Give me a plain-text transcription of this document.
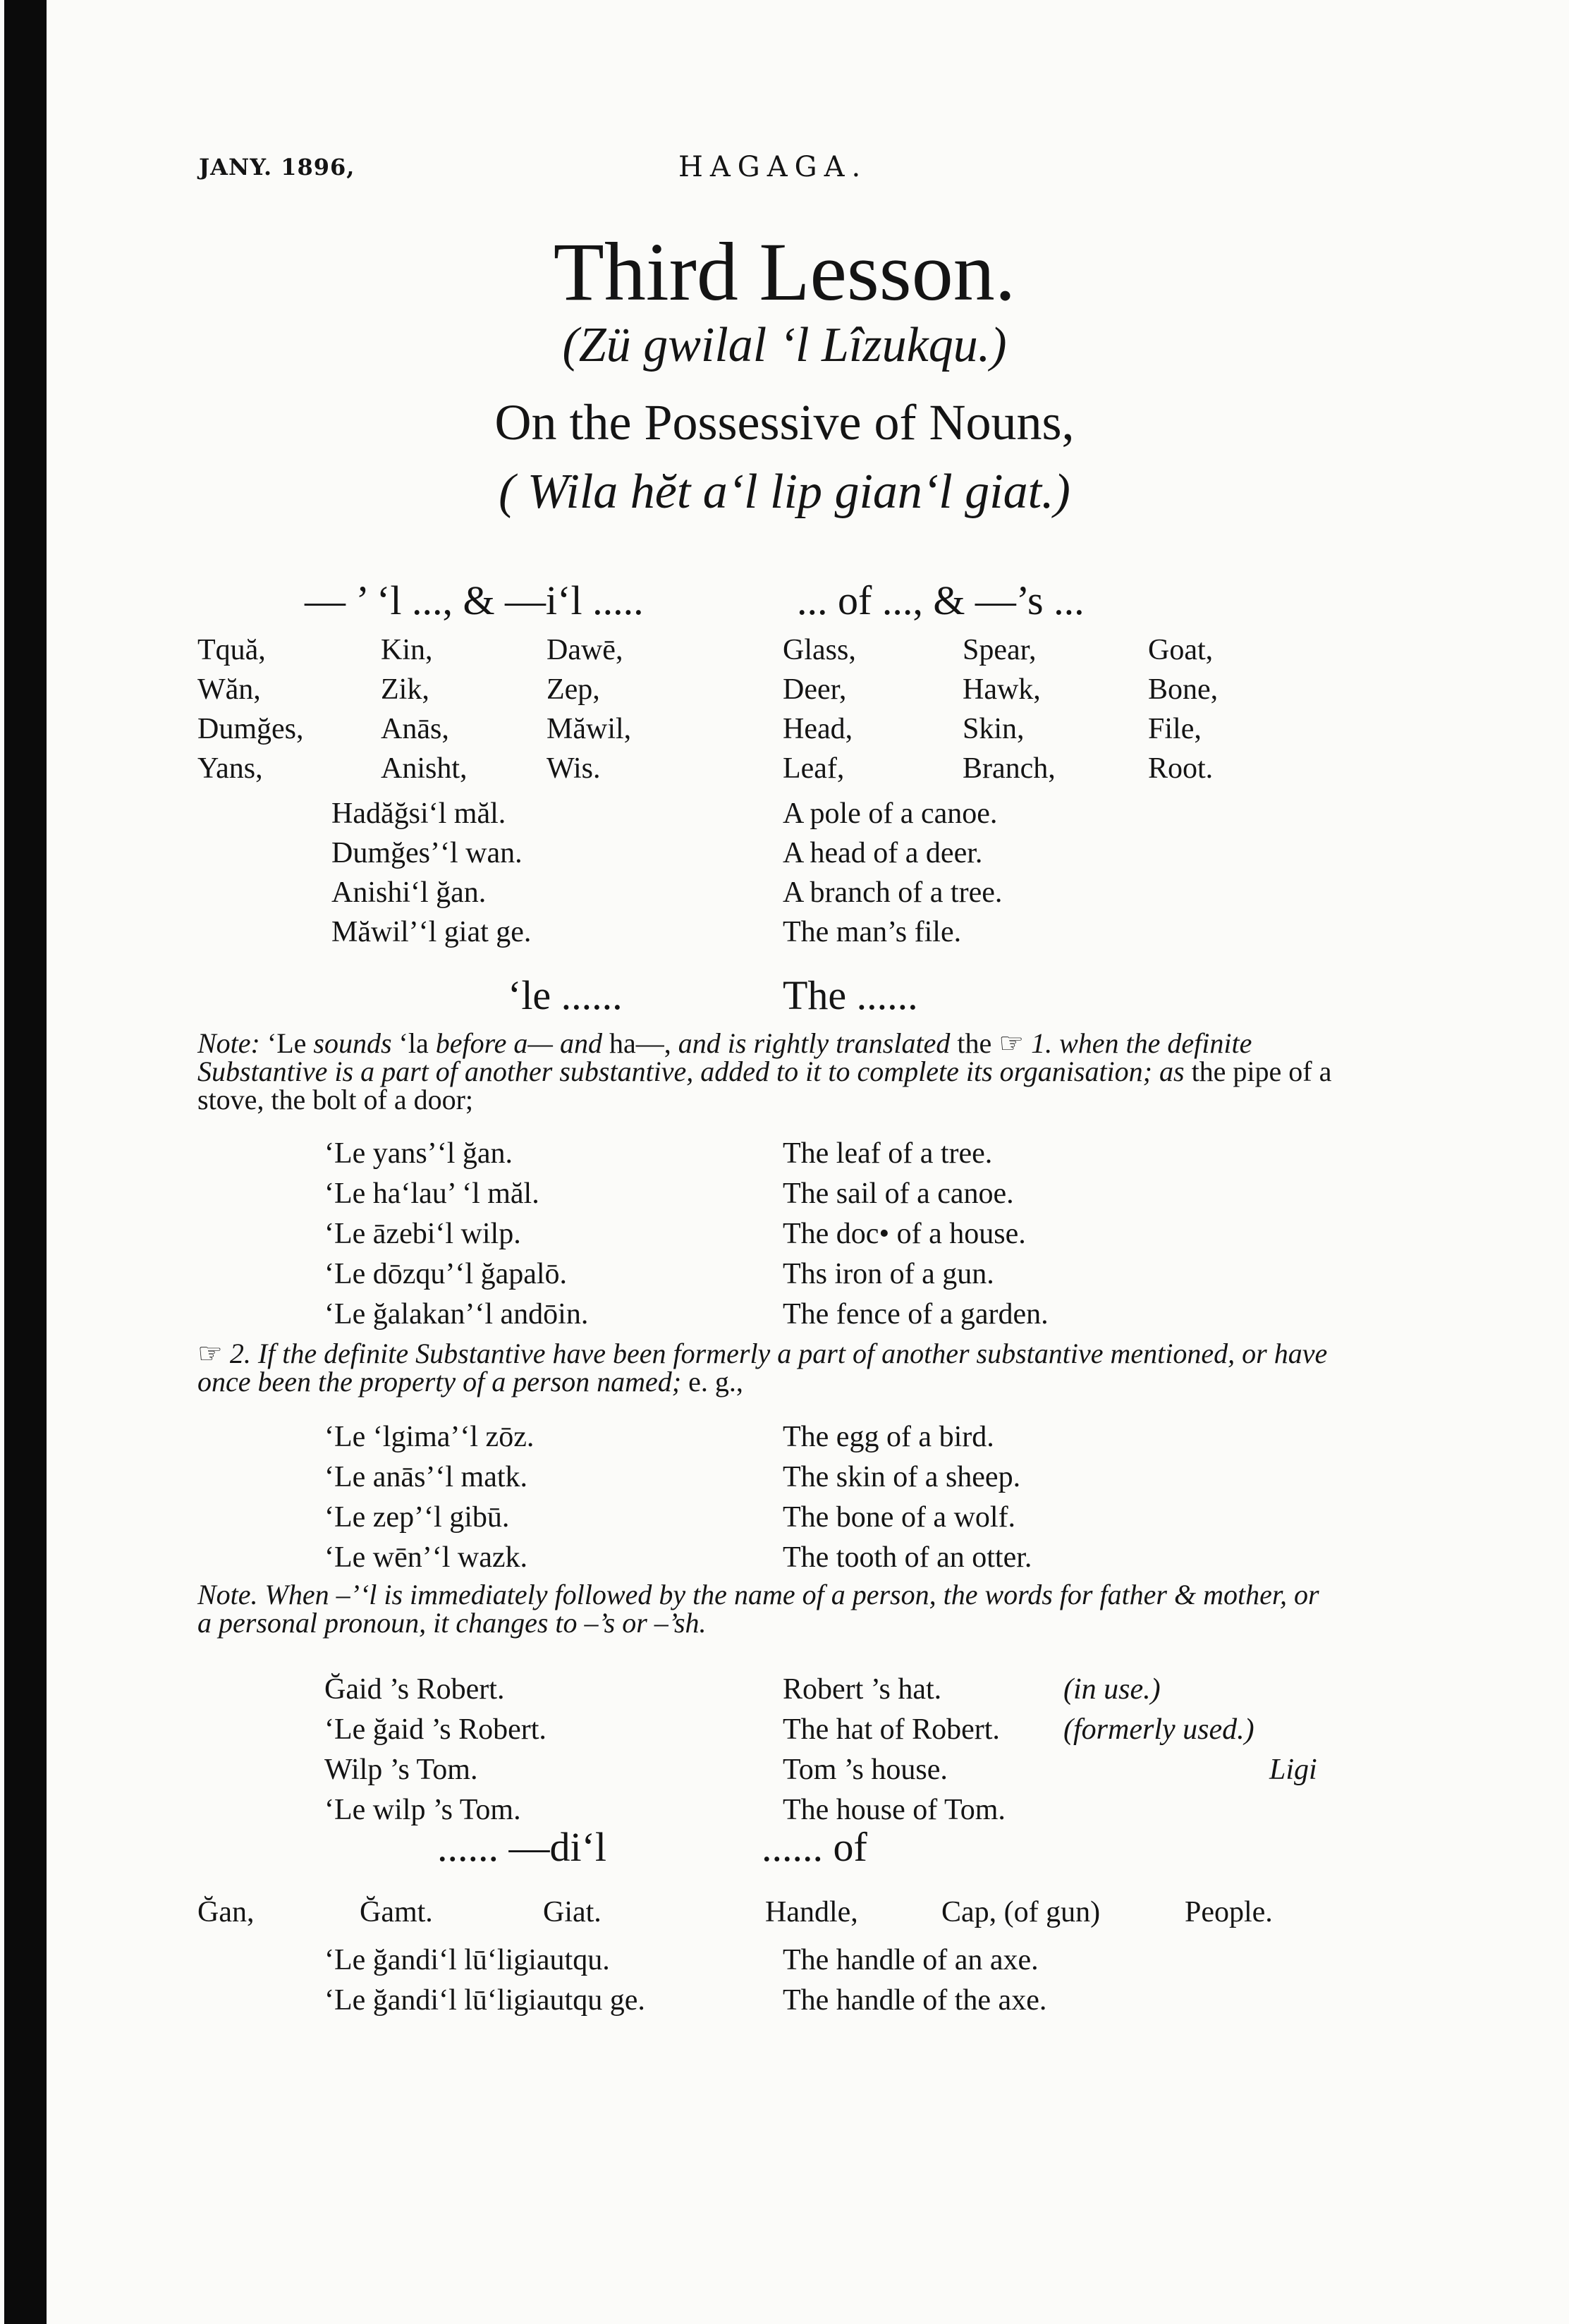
JANY. 1896,	HAGAGA.
Third Lesson.
(Zü gwilal ‘l Lîzukqu.)
On the Possessive of Nouns,
( Wila hĕt a‘l lip gian‘l giat.)
— ’ ‘l ..., & —i‘l .....	... of ..., & —’s ...
Tquă,	Kin,	Dawē,	Glass,	Spear,	Goat,
Wăn,	Zik,	Zep,	Deer,	Hawk,	Bone,
Dumğes,	Anās,	Măwil,	Head,	Skin,	File,
Yans,	Anisht,	Wis.	Leaf,	Branch,	Root.
Hadăğsi‘l măl.	A pole of a canoe.
Dumğes’‘l wan.	A head of a deer.
Anishi‘l ğan.	A branch of a tree.
Măwil’‘l giat ge.	The man’s file.
‘le ......	The ......
Note: ‘Le sounds ‘la before a— and ha—, and is rightly translated the ☞ 1. when the definite Substantive is a part of another substantive, added to it to complete its organisation; as the pipe of a stove, the bolt of a door;
‘Le yans’‘l ğan.	The leaf of a tree.
‘Le ha‘lau’ ‘l măl.	The sail of a canoe.
‘Le āzebi‘l wilp.	The doc• of a house.
‘Le dōzqu’‘l ğapalō.	Ths iron of a gun.
‘Le ğalakan’‘l andōin.	The fence of a garden.
☞ 2. If the definite Substantive have been formerly a part of another substantive mentioned, or have once been the property of a person named; e. g.,
‘Le ‘lgima’‘l zōz.	The egg of a bird.
‘Le anās’‘l matk.	The skin of a sheep.
‘Le zep’‘l gibū.	The bone of a wolf.
‘Le wēn’‘l wazk.	The tooth of an otter.
Note. When –’‘l is immediately followed by the name of a person, the words for father & mother, or a personal pronoun, it changes to –’s or –’sh.
Ğaid ’s Robert.	Robert ’s hat.	(in use.)
‘Le ğaid ’s Robert.	The hat of Robert. (formerly used.)
Wilp ’s Tom.	Tom ’s house.	Ligi
‘Le wilp ’s Tom.	The house of Tom.
...... —di‘l	...... of
Ğan,	Ğamt.	Giat.	Handle,	Cap, (of gun)	People.
‘Le ğandi‘l lū‘ligiautqu.	The handle of an axe.
‘Le ğandi‘l lū‘ligiautqu ge.	The handle of the axe.
